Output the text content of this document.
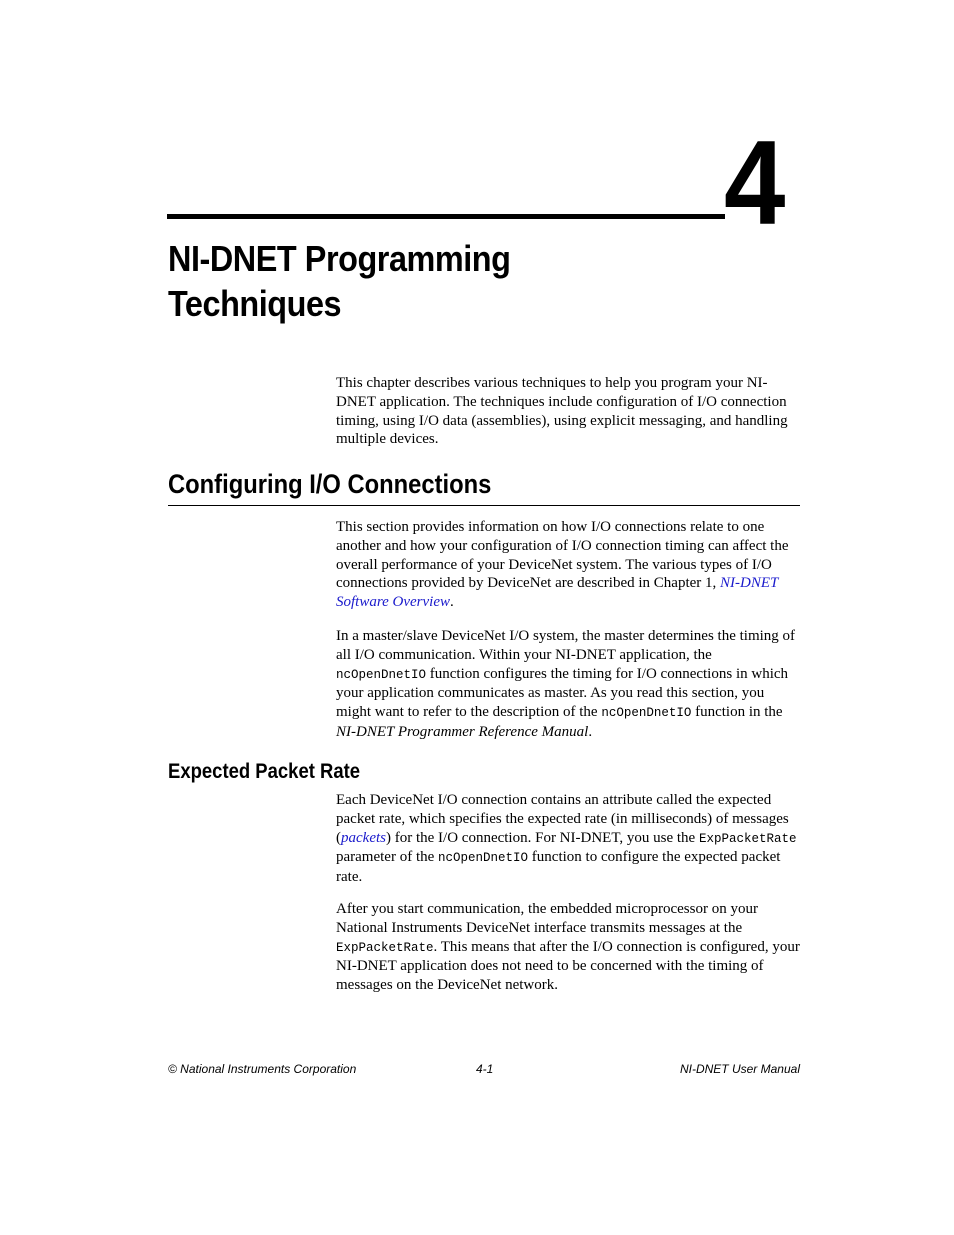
4
NI-DNET Programming Techniques

This chapter describes various techniques to help you program your NI-DNET application. The techniques include configuration of I/O connection timing, using I/O data (assemblies), using explicit messaging, and handling multiple devices.

Configuring I/O Connections

This section provides information on how I/O connections relate to one another and how your configuration of I/O connection timing can affect the overall performance of your DeviceNet system. The various types of I/O connections provided by DeviceNet are described in Chapter 1, NI-DNET Software Overview.

In a master/slave DeviceNet I/O system, the master determines the timing of all I/O communication. Within your NI-DNET application, the ncOpenDnetIO function configures the timing for I/O connections in which your application communicates as master. As you read this section, you might want to refer to the description of the ncOpenDnetIO function in the NI-DNET Programmer Reference Manual.

Expected Packet Rate

Each DeviceNet I/O connection contains an attribute called the expected packet rate, which specifies the expected rate (in milliseconds) of messages (packets) for the I/O connection. For NI-DNET, you use the ExpPacketRate parameter of the ncOpenDnetIO function to configure the expected packet rate.

After you start communication, the embedded microprocessor on your National Instruments DeviceNet interface transmits messages at the ExpPacketRate. This means that after the I/O connection is configured, your NI-DNET application does not need to be concerned with the timing of messages on the DeviceNet network.

© National Instruments Corporation	4-1	NI-DNET User Manual
